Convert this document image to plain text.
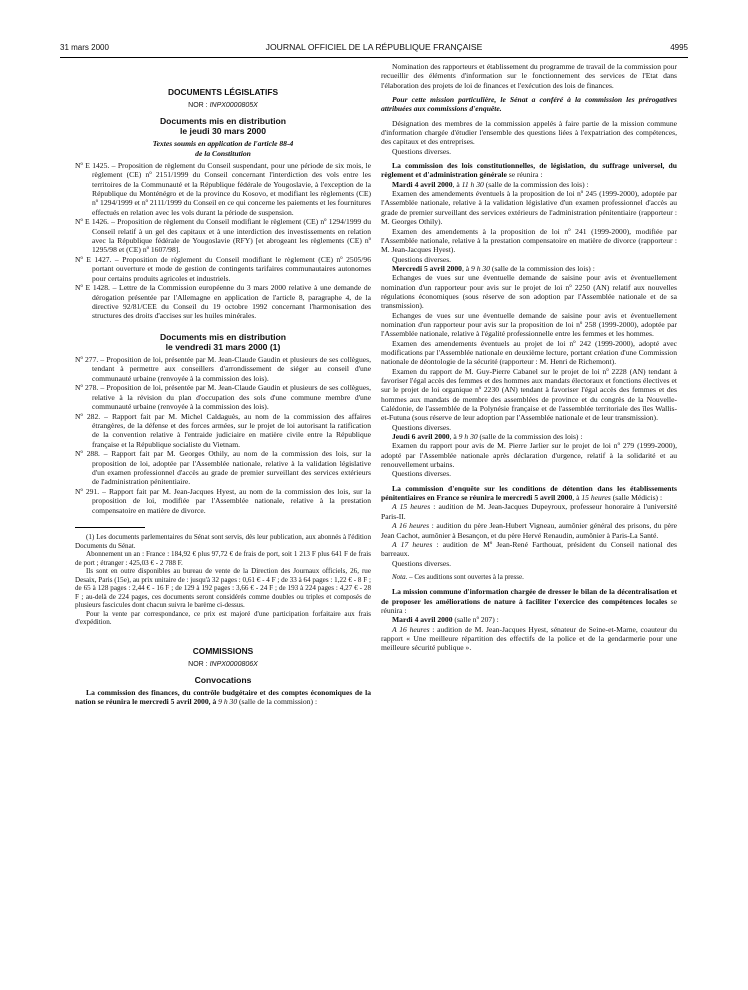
31 mars 2000	JOURNAL OFFICIEL DE LA RÉPUBLIQUE FRANÇAISE	4995
DOCUMENTS LÉGISLATIFS
NOR : INPX0000805X
Documents mis en distribution
le jeudi 30 mars 2000
Textes soumis en application de l'article 88-4
de la Constitution

Nº E 1425. – Proposition de règlement du Conseil suspendant, pour une période de six mois, le règlement (CE) nº 2151/1999 du Conseil concernant l'interdiction des vols entre les territoires de la Communauté et la République fédérale de Yougoslavie, à l'exception de la République du Monténégro et de la province du Kosovo, et modifiant les règlements (CE) nº 1294/1999 et nº 2111/1999 du Conseil en ce qui concerne les paiements et les fournitures effectués en relation avec les vols durant la période de suspension.

Nº E 1426. – Proposition de règlement du Conseil modifiant le règlement (CE) nº 1294/1999 du Conseil relatif à un gel des capitaux et à une interdiction des investissements en relation avec la République fédérale de Yougoslavie (RFY) [et abrogeant les règlements (CE) nº 1295/98 et (CE) nº 1607/98].

Nº E 1427. – Proposition de règlement du Conseil modifiant le règlement (CE) nº 2505/96 portant ouverture et mode de gestion de contingents tarifaires communautaires autonomes pour certains produits agricoles et industriels.

Nº E 1428. – Lettre de la Commission européenne du 3 mars 2000 relative à une demande de dérogation présentée par l'Allemagne en application de l'article 8, paragraphe 4, de la directive 92/81/CEE du Conseil du 19 octobre 1992 concernant l'harmonisation des structures des droits d'accises sur les huiles minérales.

Documents mis en distribution
le vendredi 31 mars 2000 (1)

Nº 277. – Proposition de loi, présentée par M. Jean-Claude Gaudin et plusieurs de ses collègues, tendant à permettre aux conseillers d'arrondissement de siéger au conseil d'une communauté urbaine (renvoyée à la commission des lois).

Nº 278. – Proposition de loi, présentée par M. Jean-Claude Gaudin et plusieurs de ses collègues, relative à la révision du plan d'occupation des sols d'une commune membre d'une communauté urbaine (renvoyée à la commission des lois).

Nº 282. – Rapport fait par M. Michel Caldaguès, au nom de la commission des affaires étrangères, de la défense et des forces armées, sur le projet de loi autorisant la ratification de la convention relative à l'entraide judiciaire en matière civile entre la République française et la République socialiste du Vietnam.

Nº 288. – Rapport fait par M. Georges Othily, au nom de la commission des lois, sur la proposition de loi, adoptée par l'Assemblée nationale, relative à la validation législative d'un examen professionnel d'accès au grade de premier surveillant des services extérieurs de l'administration pénitentiaire.

Nº 291. – Rapport fait par M. Jean-Jacques Hyest, au nom de la commission des lois, sur la proposition de loi, modifiée par l'Assemblée nationale, relative à la prestation compensatoire en matière de divorce.

(1) Les documents parlementaires du Sénat sont servis, dès leur publication, aux abonnés à l'édition Documents du Sénat.

Abonnement un an : France : 184,92 € plus 97,72 € de frais de port, soit 1 213 F plus 641 F de frais de port ; étranger : 425,03 € - 2 788 F.

Ils sont en outre disponibles au bureau de vente de la Direction des Journaux officiels, 26, rue Desaix, Paris (15e), au prix unitaire de : jusqu'à 32 pages : 0,61 € - 4 F ; de 33 à 64 pages : 1,22 € - 8 F ; de 65 à 128 pages : 2,44 € - 16 F ; de 129 à 192 pages : 3,66 € - 24 F ; de 193 à 224 pages : 4,27 € - 28 F ; au-delà de 224 pages, ces documents seront considérés comme doubles ou triples et composés de plusieurs fascicules dont chacun suivra le barème ci-dessus.

Pour la vente par correspondance, ce prix est majoré d'une participation forfaitaire aux frais d'expédition.

COMMISSIONS
NOR : INPX0000806X
Convocations

La commission des finances, du contrôle budgétaire et des comptes économiques de la nation se réunira le mercredi 5 avril 2000, à 9 h 30 (salle de la commission) :

Nomination des rapporteurs et établissement du programme de travail de la commission pour recueillir des éléments d'information sur le fonctionnement des services de l'Etat dans l'élaboration des projets de loi de finances et l'exécution des lois de finances.

Pour cette mission particulière, le Sénat a conféré à la commission les prérogatives attribuées aux commissions d'enquête.

Désignation des membres de la commission appelés à faire partie de la mission commune d'information chargée d'étudier l'ensemble des questions liées à l'expatriation des compétences, des capitaux et des entreprises.

Questions diverses.

La commission des lois constitutionnelles, de législation, du suffrage universel, du règlement et d'administration générale se réunira :

Mardi 4 avril 2000, à 11 h 30 (salle de la commission des lois) :

Examen des amendements éventuels à la proposition de loi nº 245 (1999-2000), adoptée par l'Assemblée nationale, relative à la validation législative d'un examen professionnel d'accès au grade de premier surveillant des services extérieurs de l'administration pénitentiaire (rapporteur : M. Georges Othily).

Examen des amendements à la proposition de loi nº 241 (1999-2000), modifiée par l'Assemblée nationale, relative à la prestation compensatoire en matière de divorce (rapporteur : M. Jean-Jacques Hyest).

Questions diverses.

Mercredi 5 avril 2000, à 9 h 30 (salle de la commission des lois) :

Echanges de vues sur une éventuelle demande de saisine pour avis et éventuellement nomination d'un rapporteur pour avis sur le projet de loi nº 2250 (AN) relatif aux nouvelles régulations économiques (sous réserve de son adoption par l'Assemblée nationale et de sa transmission).

Echanges de vues sur une éventuelle demande de saisine pour avis et éventuellement nomination d'un rapporteur pour avis sur la proposition de loi nº 258 (1999-2000), adoptée par l'Assemblée nationale, relative à l'égalité professionnelle entre les femmes et les hommes.

Examen des amendements éventuels au projet de loi nº 242 (1999-2000), adopté avec modifications par l'Assemblée nationale en deuxième lecture, portant création d'une Commission nationale de déontologie de la sécurité (rapporteur : M. Henri de Richemont).

Examen du rapport de M. Guy-Pierre Cabanel sur le projet de loi nº 2228 (AN) tendant à favoriser l'égal accès des femmes et des hommes aux mandats électoraux et fonctions électives et sur le projet de loi organique nº 2230 (AN) tendant à favoriser l'égal accès des femmes et des hommes aux mandats de membre des assemblées de province et du congrès de la Nouvelle-Calédonie, de l'assemblée de la Polynésie française et de l'assemblée territoriale des îles Wallis-et-Futuna (sous réserve de leur adoption par l'Assemblée nationale et de leur transmission).

Questions diverses.

Jeudi 6 avril 2000, à 9 h 30 (salle de la commission des lois) :

Examen du rapport pour avis de M. Pierre Jarlier sur le projet de loi nº 279 (1999-2000), adopté par l'Assemblée nationale après déclaration d'urgence, relatif à la solidarité et au renouvellement urbains.

Questions diverses.

La commission d'enquête sur les conditions de détention dans les établissements pénitentiaires en France se réunira le mercredi 5 avril 2000, à 15 heures (salle Médicis) :

A 15 heures : audition de M. Jean-Jacques Dupeyroux, professeur honoraire à l'université Paris-II.

A 16 heures : audition du père Jean-Hubert Vigneau, aumônier général des prisons, du père Jean Cachot, aumônier à Besançon, et du père Hervé Renaudin, aumônier à Paris-La Santé.

A 17 heures : audition de Mº Jean-René Farthouat, président du Conseil national des barreaux.

Questions diverses.

Nota. – Ces auditions sont ouvertes à la presse.

La mission commune d'information chargée de dresser le bilan de la décentralisation et de proposer les améliorations de nature à faciliter l'exercice des compétences locales se réunira :

Mardi 4 avril 2000 (salle nº 207) :

A 16 heures : audition de M. Jean-Jacques Hyest, sénateur de Seine-et-Marne, coauteur du rapport « Une meilleure répartition des effectifs de la police et de la gendarmerie pour une meilleure sécurité publique ».
